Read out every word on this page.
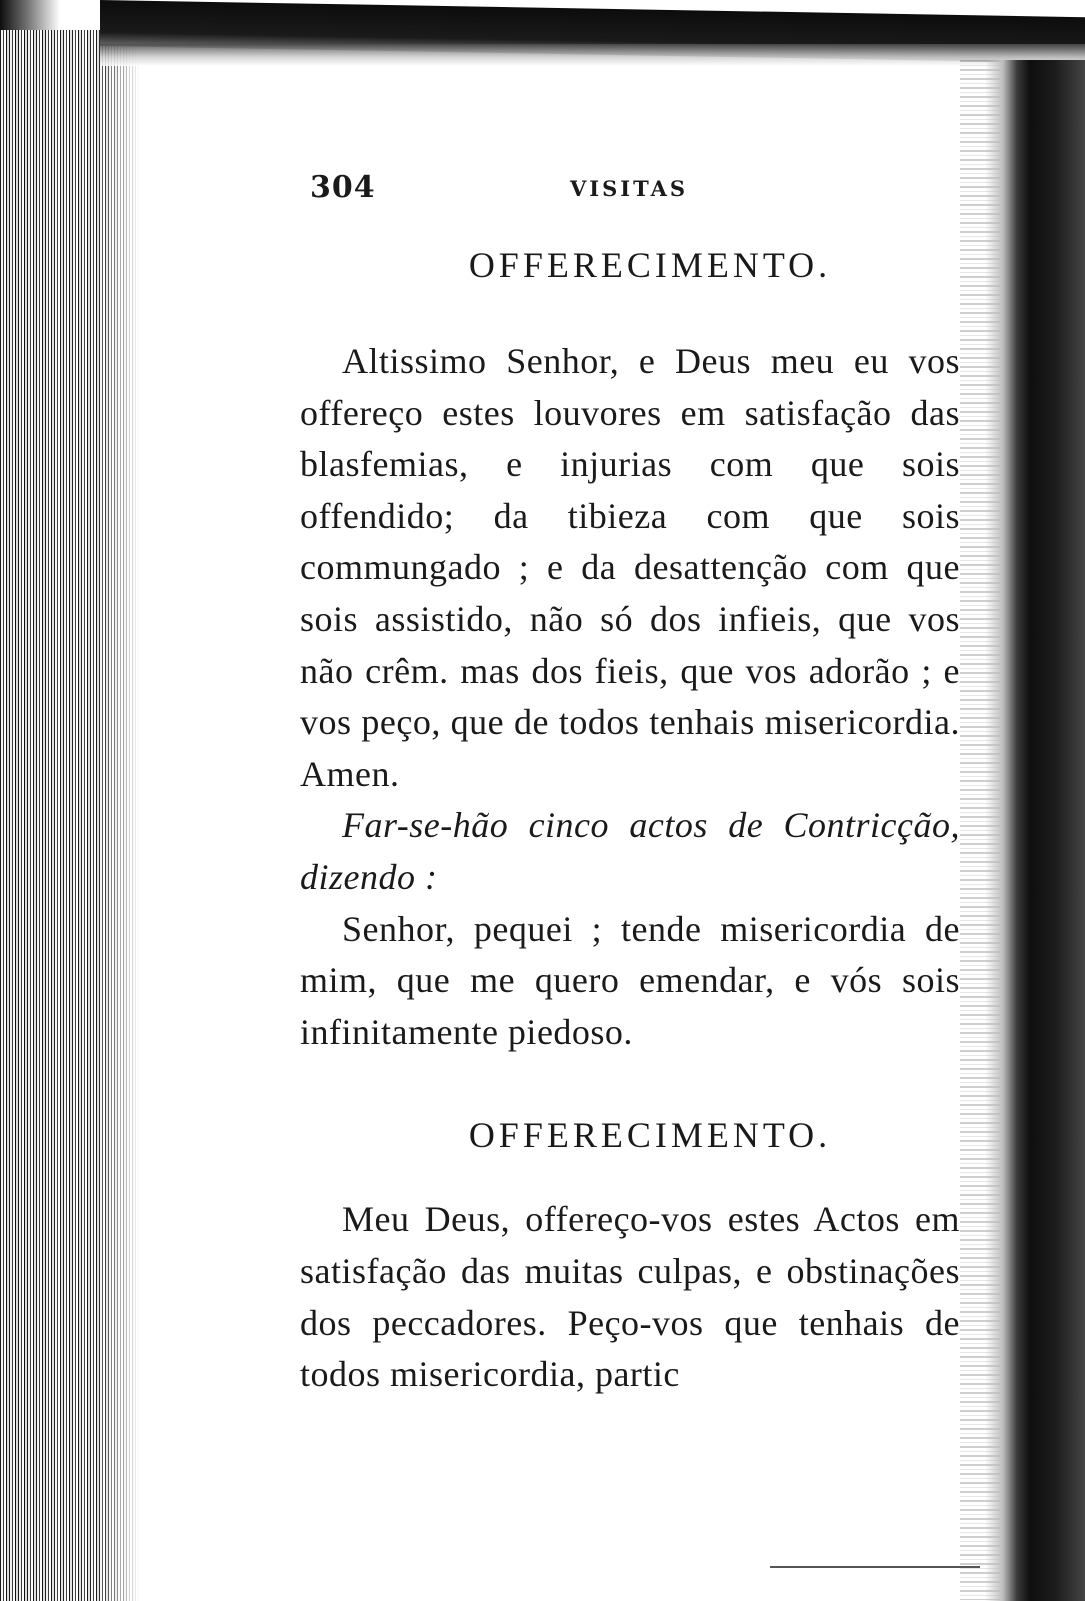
304	VISITAS
OFFERECIMENTO.

Altissimo Senhor, e Deus meu eu vos offereço estes louvores em satisfação das blasfemias, e injurias com que sois offendido; da tibieza com que sois commungado ; e da desattenção com que sois assistido, não só dos infieis, que vos não crêm. mas dos fieis, que vos adorão ; e vos peço, que de todos tenhais misericordia. Amen.

Far-se-hão cinco actos de Contricção, dizendo :

Senhor, pequei ; tende misericordia de mim, que me quero emendar, e vós sois infinitamente piedoso.

OFFERECIMENTO.

Meu Deus, offereço-vos estes Actos em satisfação das muitas culpas, e obstinações dos peccadores. Peço-vos que tenhais de todos misericordia, partic
